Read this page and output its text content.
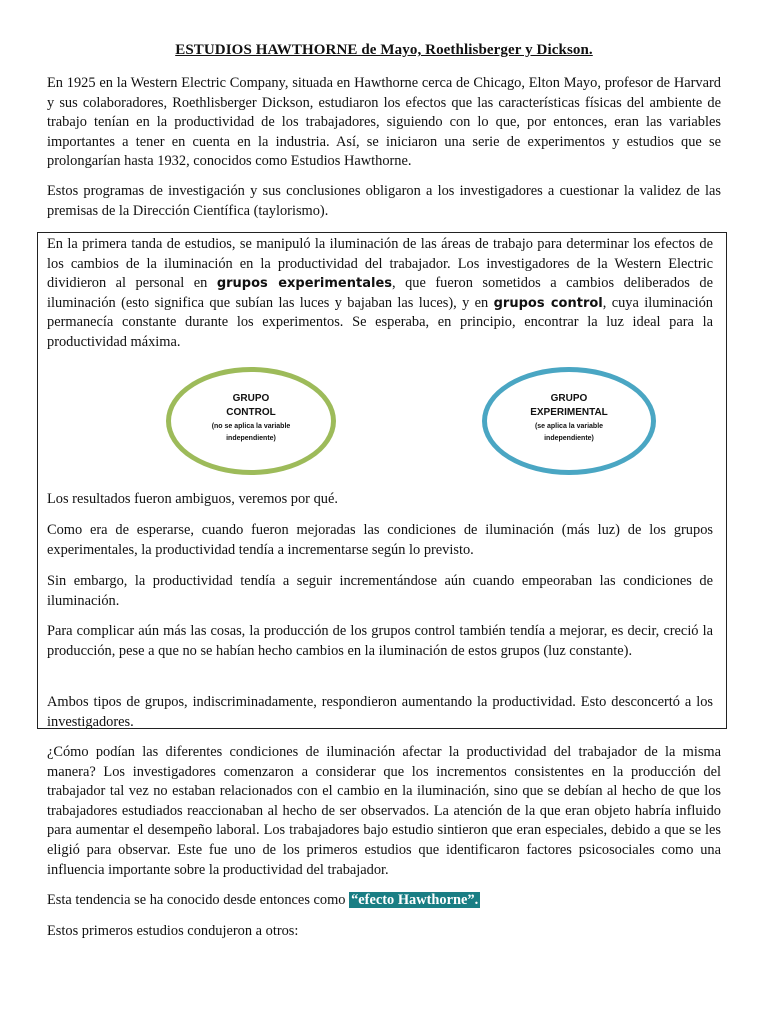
ESTUDIOS HAWTHORNE de Mayo, Roethlisberger y Dickson.

En 1925 en la Western Electric Company, situada en Hawthorne cerca de Chicago, Elton Mayo, profesor de Harvard y sus colaboradores, Roethlisberger Dickson, estudiaron los efectos que las características físicas del ambiente de trabajo tenían en la productividad de los trabajadores, siguiendo con lo que, por entonces, eran las variables importantes a tener en cuenta en la industria. Así, se iniciaron una serie de experimentos y estudios que se prolongarían hasta 1932, conocidos como Estudios Hawthorne.

Estos programas de investigación y sus conclusiones obligaron a los investigadores a cuestionar la validez de las premisas de la Dirección Científica (taylorismo).

En la primera tanda de estudios, se manipuló la iluminación de las áreas de trabajo para determinar los efectos de los cambios de la iluminación en la productividad del trabajador. Los investigadores de la Western Electric dividieron al personal en grupos experimentales, que fueron sometidos a cambios deliberados de iluminación (esto significa que subían las luces y bajaban las luces), y en grupos control, cuya iluminación permanecía constante durante los experimentos. Se esperaba, en principio, encontrar la luz ideal para la productividad máxima.

GRUPO
CONTROL
(no se aplica la variable
independiente)
GRUPO
EXPERIMENTAL
(se aplica la variable
independiente)

Los resultados fueron ambiguos, veremos por qué.

Como era de esperarse, cuando fueron mejoradas las condiciones de iluminación (más luz) de los grupos experimentales, la productividad tendía a incrementarse según lo previsto.

Sin embargo, la productividad tendía a seguir incrementándose aún cuando empeoraban las condiciones de iluminación.

Para complicar aún más las cosas, la producción de los grupos control también tendía a mejorar, es decir, creció la producción, pese a que no se habían hecho cambios en la iluminación de estos grupos (luz constante).

Ambos tipos de grupos, indiscriminadamente, respondieron aumentando la productividad. Esto desconcertó a los investigadores.

¿Cómo podían las diferentes condiciones de iluminación afectar la productividad del trabajador de la misma manera? Los investigadores comenzaron a considerar que los incrementos consistentes en la producción del trabajador tal vez no estaban relacionados con el cambio en la iluminación, sino que se debían al hecho de que los trabajadores estudiados reaccionaban al hecho de ser observados. La atención de la que eran objeto habría influido para aumentar el desempeño laboral. Los trabajadores bajo estudio sintieron que eran especiales, debido a que se les eligió para observar. Este fue uno de los primeros estudios que identificaron factores psicosociales como una influencia importante sobre la productividad del trabajador.

Esta tendencia se ha conocido desde entonces como “efecto Hawthorne”.

Estos primeros estudios condujeron a otros:
